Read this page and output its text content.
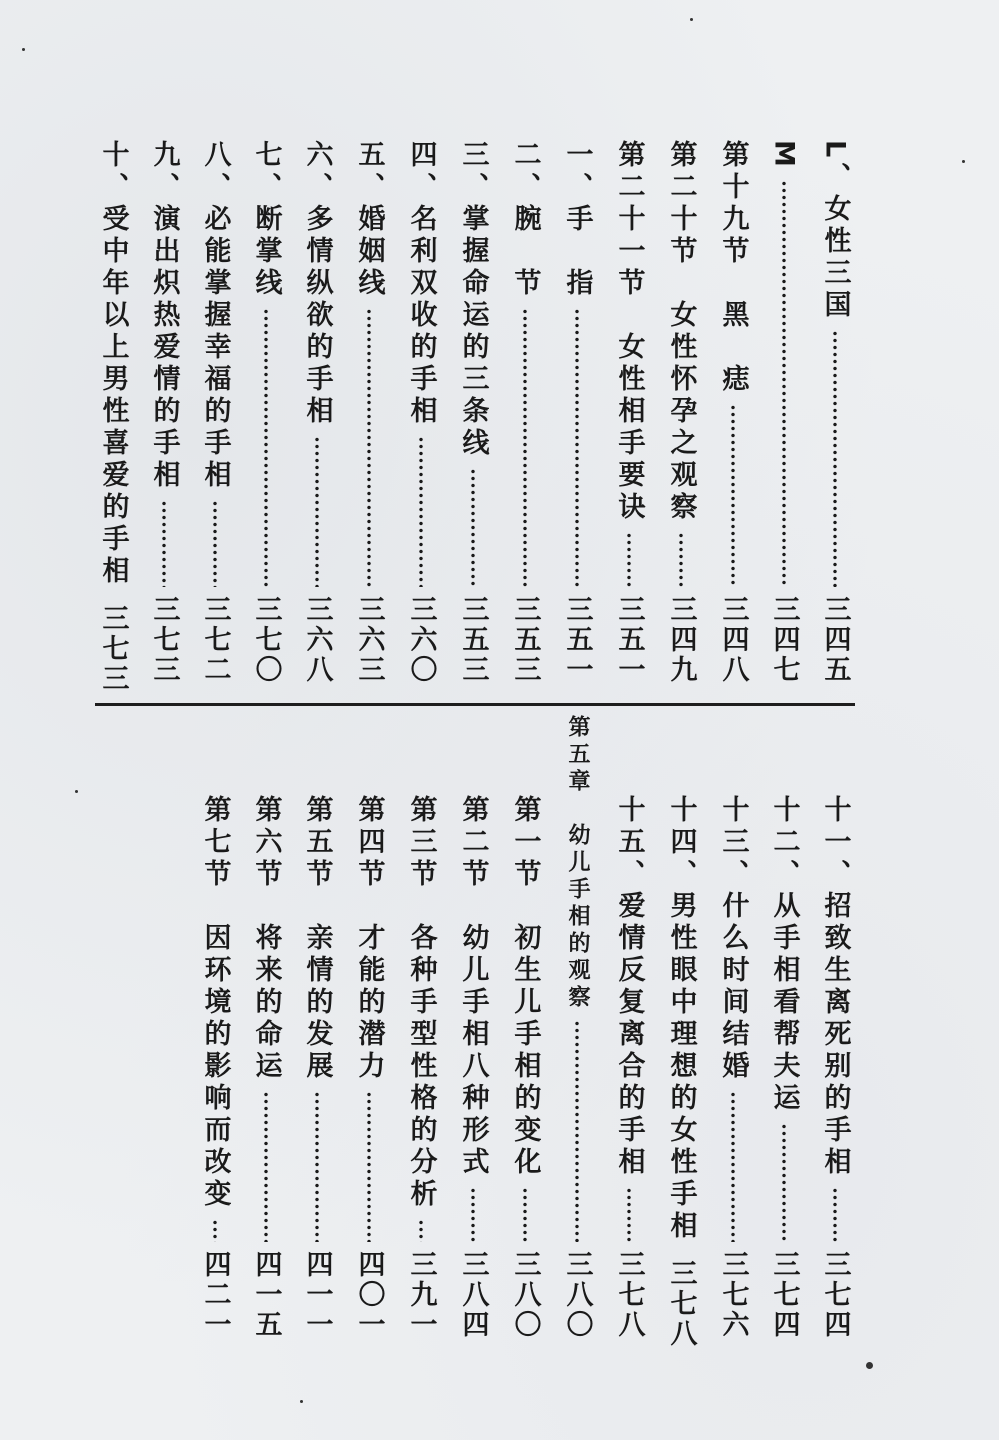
L、女性三国
三四五
M
三四七
第十九节　黑　痣
三四八
第二十节　女性怀孕之观察
三四九
第二十一节　女性相手要诀
三五一
一、手　指
三五一
二、腕　节
三五三
三、掌握命运的三条线
三五三
四、名利双收的手相
三六〇
五、婚姻线
三六三
六、多情纵欲的手相
三六八
七、断掌线
三七〇
八、必能掌握幸福的手相
三七二
九、演出炽热爱情的手相
三七三
十、受中年以上男性喜爱的手相
三七三
十一、招致生离死别的手相
三七四
十二、从手相看帮夫运
三七四
十三、什么时间结婚
三七六
十四、男性眼中理想的女性手相
三七八
十五、爱情反复离合的手相
三七八
第五章　幼儿手相的观察
三八〇
第一节　初生儿手相的变化
三八〇
第二节　幼儿手相八种形式
三八四
第三节　各种手型性格的分析
三九一
第四节　才能的潜力
四〇一
第五节　亲情的发展
四一一
第六节　将来的命运
四一五
第七节　因环境的影响而改变
四二一
